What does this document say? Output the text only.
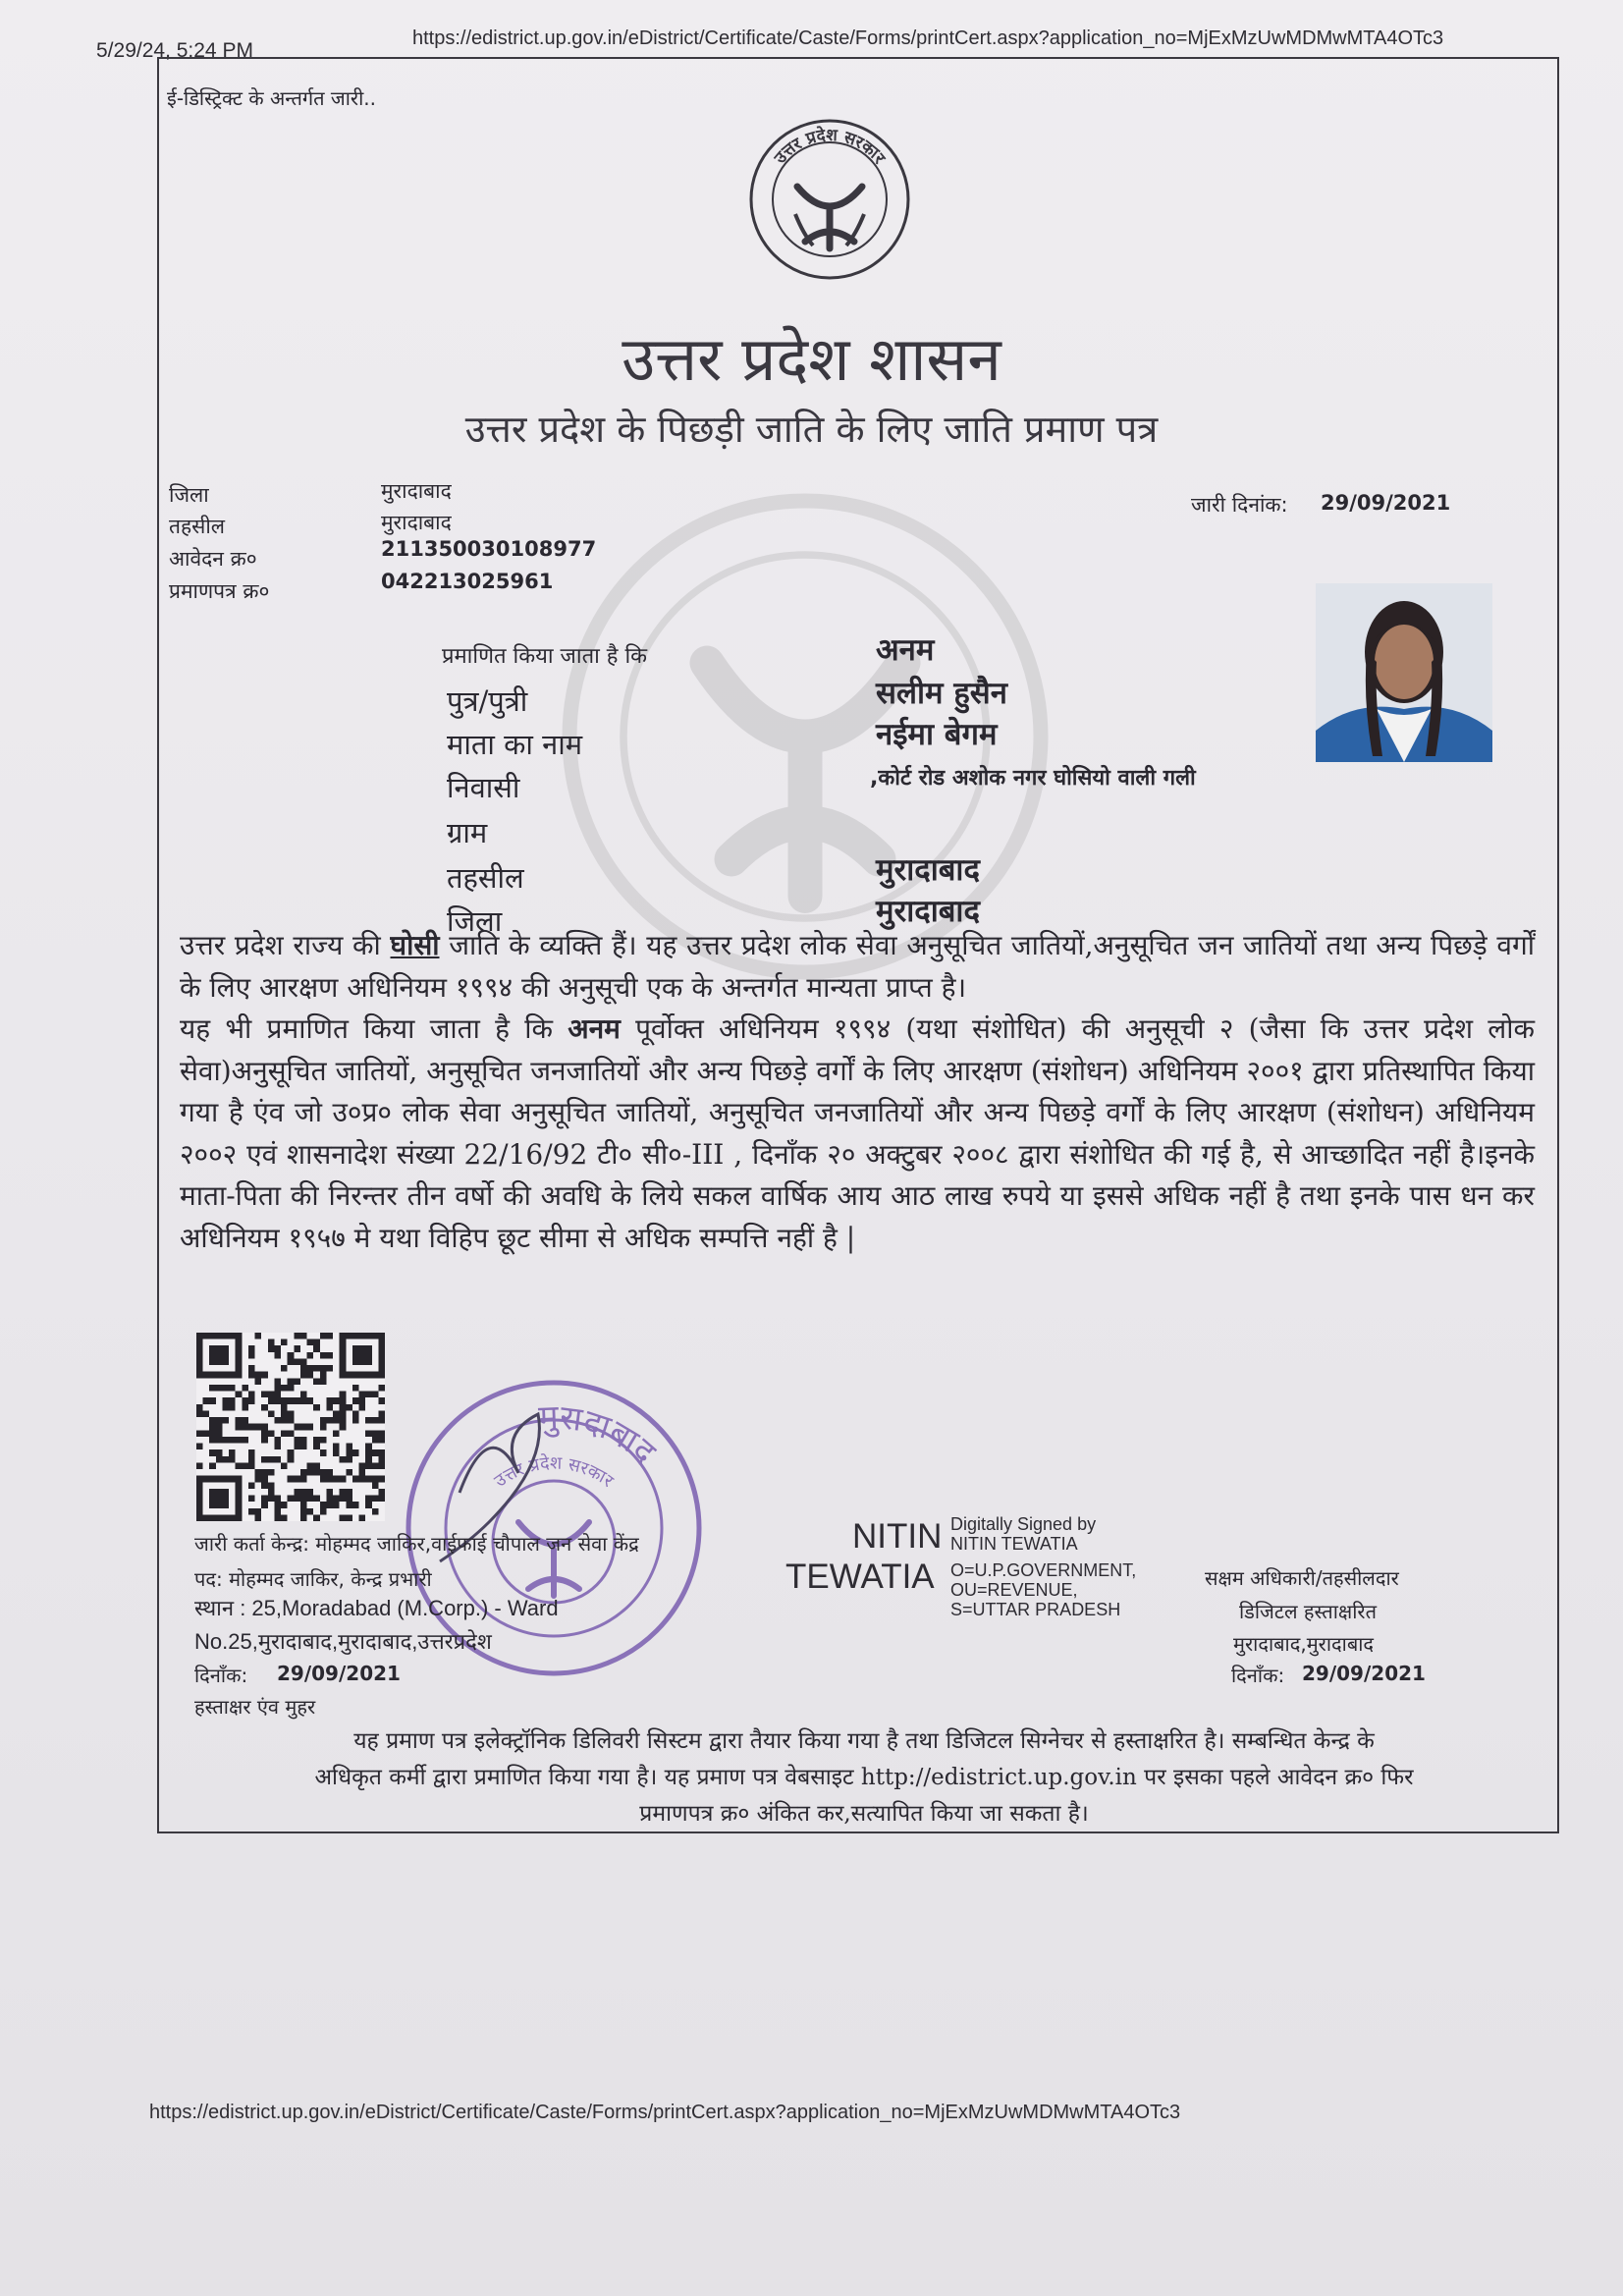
5/29/24, 5:24 PM
https://edistrict.up.gov.in/eDistrict/Certificate/Caste/Forms/printCert.aspx?application_no=MjExMzUwMDMwMTA4OTc3
https://edistrict.up.gov.in/eDistrict/Certificate/Caste/Forms/printCert.aspx?application_no=MjExMzUwMDMwMTA4OTc3
उत्तर प्रदेश सरकार
ई-डिस्ट्रिक्ट के अन्तर्गत जारी..
उत्तर प्रदेश शासन
उत्तर प्रदेश के पिछड़ी जाति के लिए जाति प्रमाण पत्र
जिला	मुरादाबाद
तहसील	मुरादाबाद
आवेदन क्र०	211350030108977
प्रमाणपत्र क्र०	042213025961
जारी दिनांक: 29/09/2021
प्रमाणित किया जाता है कि	अनम
पुत्र/पुत्री	सलीम हुसैन
माता का नाम	नईमा बेगम
निवासी	,कोर्ट रोड अशोक नगर घोसियो वाली गली
ग्राम
तहसील	मुरादाबाद
जिला	मुरादाबाद

उत्तर प्रदेश राज्य की घोसी जाति के व्यक्ति हैं। यह उत्तर प्रदेश लोक सेवा अनुसूचित जातियों,अनुसूचित जन जातियों तथा अन्य पिछड़े वर्गों के लिए आरक्षण अधिनियम १९९४ की अनुसूची एक के अन्तर्गत मान्यता प्राप्त है।

यह भी प्रमाणित किया जाता है कि अनम पूर्वोक्त अधिनियम १९९४ (यथा संशोधित) की अनुसूची २ (जैसा कि उत्तर प्रदेश लोक सेवा)अनुसूचित जातियों, अनुसूचित जनजातियों और अन्य पिछड़े वर्गों के लिए आरक्षण (संशोधन) अधिनियम २००१ द्वारा प्रतिस्थापित किया गया है एंव जो उ०प्र० लोक सेवा अनुसूचित जातियों, अनुसूचित जनजातियों और अन्य पिछड़े वर्गों के लिए आरक्षण (संशोधन) अधिनियम २००२ एवं शासनादेश संख्या 22/16/92 टी० सी०-III , दिनाँक २० अक्टुबर २००८ द्वारा संशोधित की गई है, से आच्छादित नहीं है।इनके माता-पिता की निरन्तर तीन वर्षो की अवधि के लिये सकल वार्षिक आय आठ लाख रुपये या इससे अधिक नहीं है तथा इनके पास धन कर अधिनियम १९५७ मे यथा विहिप छूट सीमा से अधिक सम्पत्ति नहीं है |

मुरादाबाद
उत्तर प्रदेश सरकार
जारी कर्ता केन्द्र: मोहम्मद जाकिर,वाईफाई चौपाल जन सेवा केंद्र
पद: मोहम्मद जाकिर, केन्द्र प्रभारी
स्थान : 25,Moradabad (M.Corp.) - Ward
No.25,मुरादाबाद,मुरादाबाद,उत्तरप्रदेश
दिनाँक: 29/09/2021
हस्ताक्षर एंव मुहर
NITIN
TEWATIA
Digitally Signed by
NITIN TEWATIA
O=U.P.GOVERNMENT,
OU=REVENUE,
S=UTTAR PRADESH
सक्षम अधिकारी/तहसीलदार
डिजिटल हस्ताक्षरित
मुरादाबाद,मुरादाबाद
दिनाँक: 29/09/2021

यह प्रमाण पत्र इलेक्ट्रॉनिक डिलिवरी सिस्टम द्वारा तैयार किया गया है तथा डिजिटल सिग्नेचर से हस्ताक्षरित है। सम्बन्धित केन्द्र के

अधिकृत कर्मी द्वारा प्रमाणित किया गया है। यह प्रमाण पत्र वेबसाइट http://edistrict.up.gov.in पर इसका पहले आवेदन क्र० फिर

प्रमाणपत्र क्र० अंकित कर,सत्यापित किया जा सकता है।
